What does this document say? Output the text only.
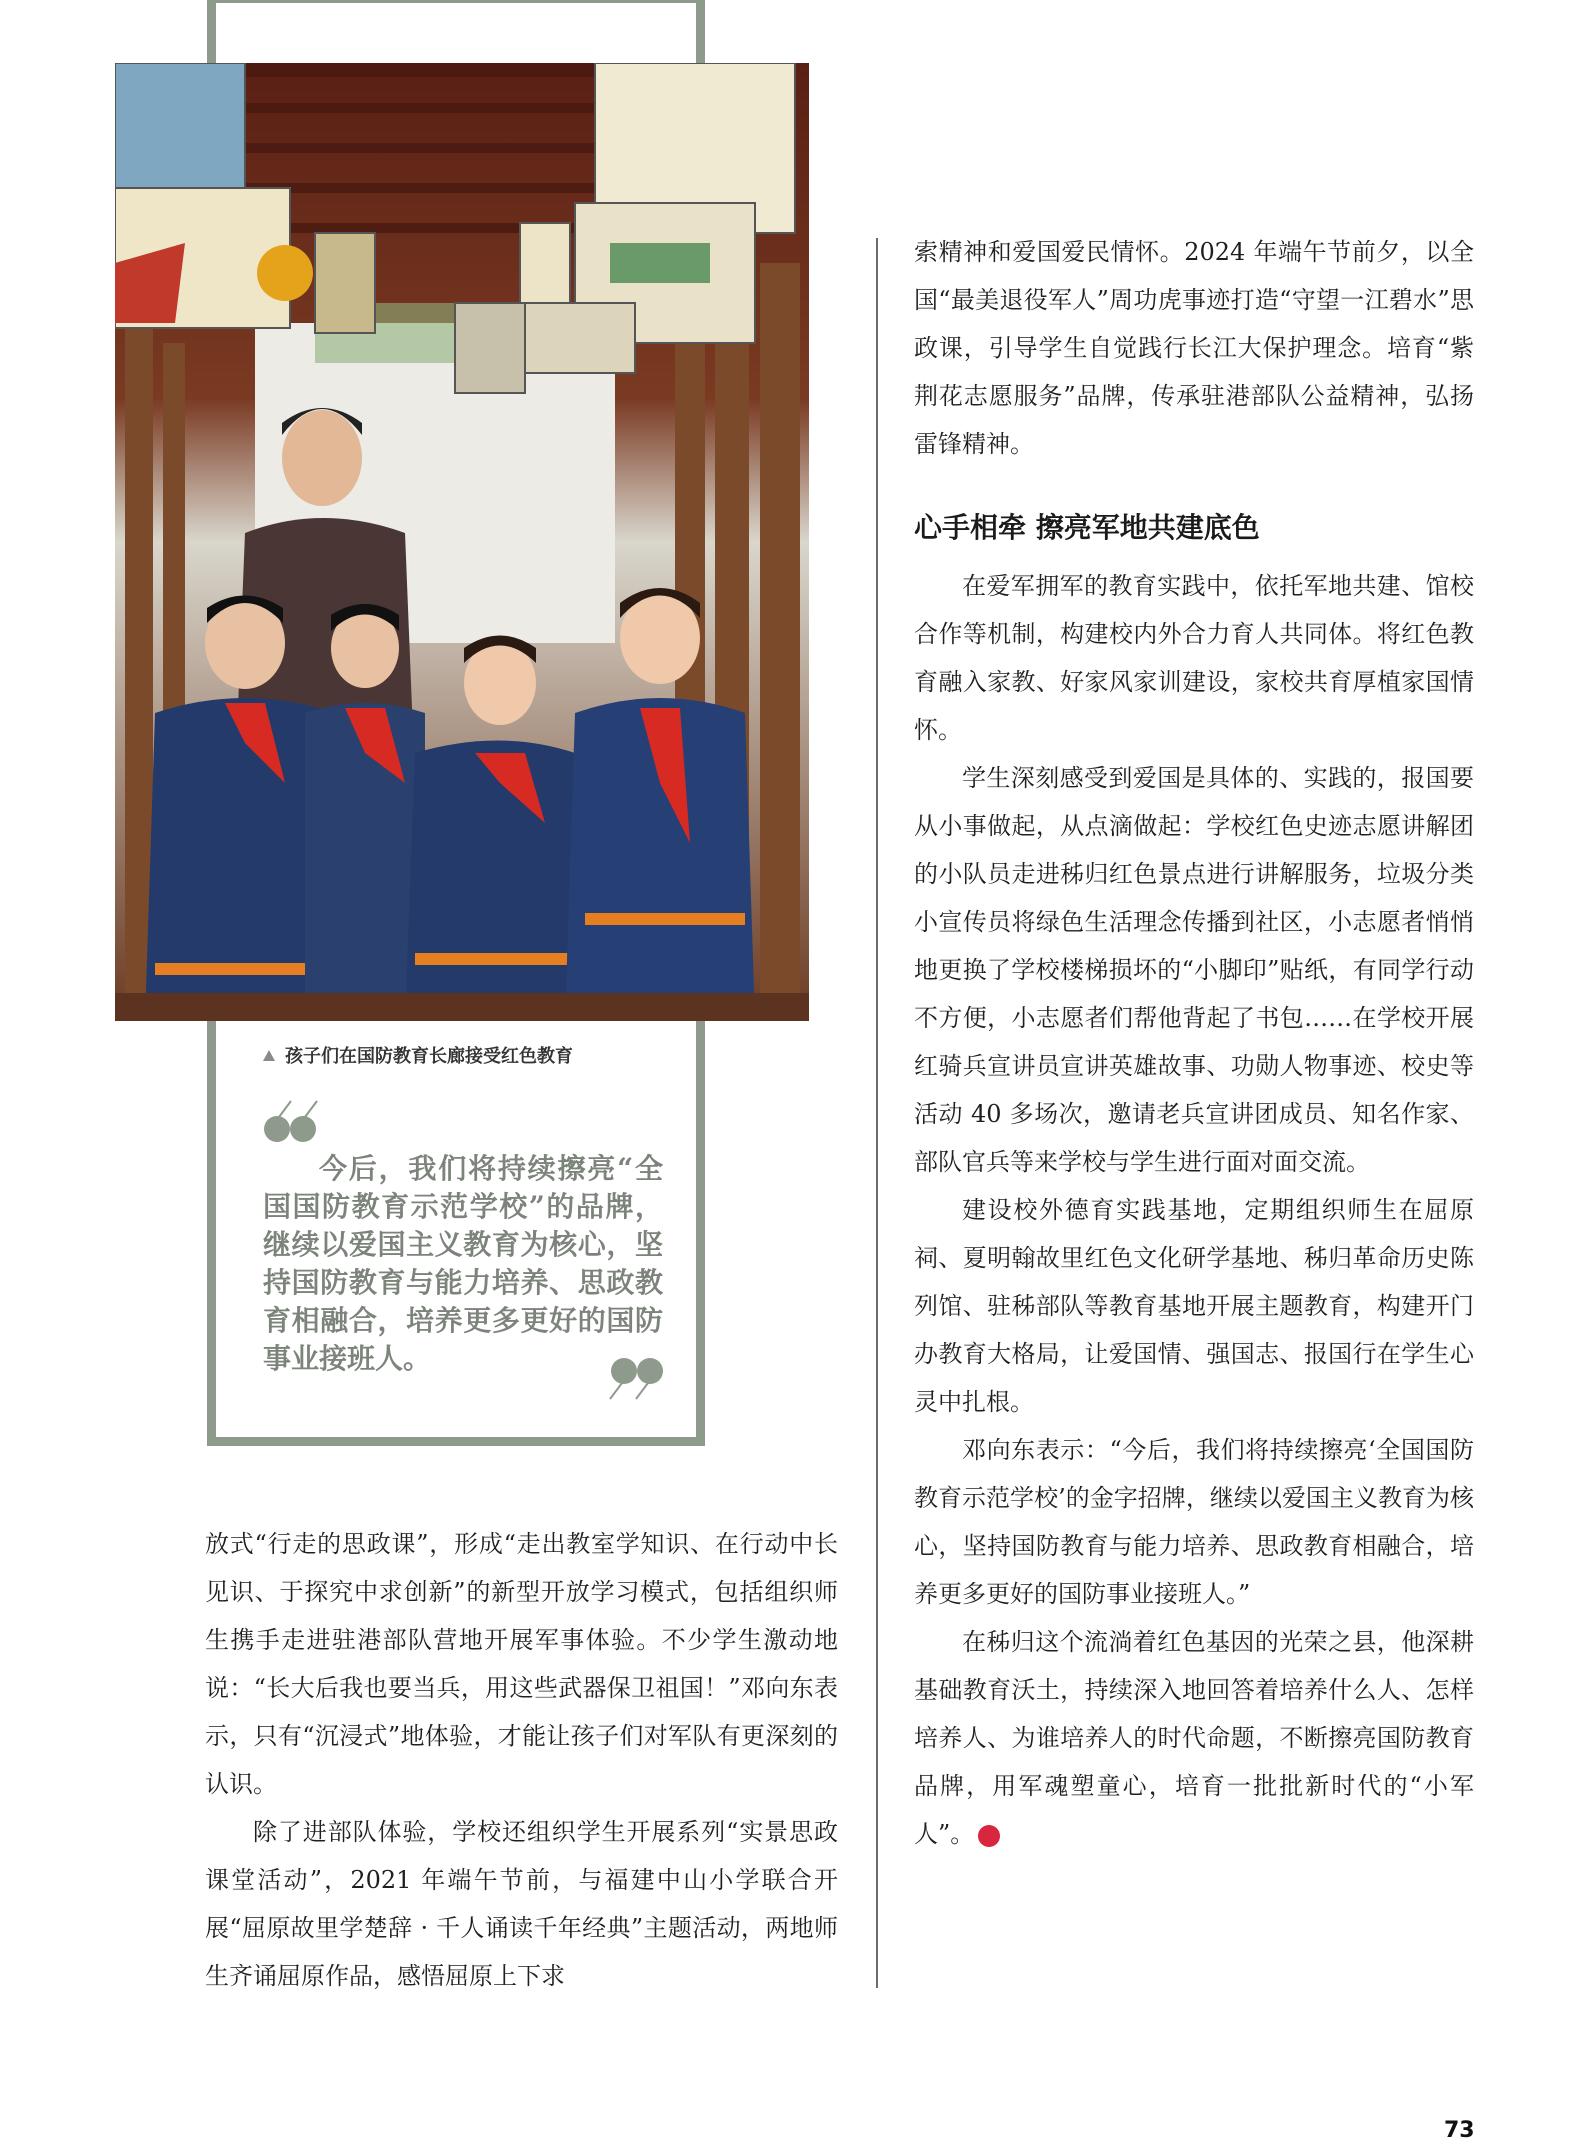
孩子们在国防教育长廊接受红色教育
今后，我们将持续擦亮“全国国防教育示范学校”的品牌，继续以爱国主义教育为核心，坚持国防教育与能力培养、思政教育相融合，培养更多更好的国防事业接班人。

放式“行走的思政课”，形成“走出教室学知识、在行动中长见识、于探究中求创新”的新型开放学习模式，包括组织师生携手走进驻港部队营地开展军事体验。不少学生激动地说：“长大后我也要当兵，用这些武器保卫祖国！”邓向东表示，只有“沉浸式”地体验，才能让孩子们对军队有更深刻的认识。

除了进部队体验，学校还组织学生开展系列“实景思政课堂活动”，2021 年端午节前，与福建中山小学联合开展“屈原故里学楚辞 · 千人诵读千年经典”主题活动，两地师生齐诵屈原作品，感悟屈原上下求

索精神和爱国爱民情怀。2024 年端午节前夕，以全国“最美退役军人”周功虎事迹打造“守望一江碧水”思政课，引导学生自觉践行长江大保护理念。培育“紫荆花志愿服务”品牌，传承驻港部队公益精神，弘扬雷锋精神。

心手相牵 擦亮军地共建底色

在爱军拥军的教育实践中，依托军地共建、馆校合作等机制，构建校内外合力育人共同体。将红色教育融入家教、好家风家训建设，家校共育厚植家国情怀。

学生深刻感受到爱国是具体的、实践的，报国要从小事做起，从点滴做起：学校红色史迹志愿讲解团的小队员走进秭归红色景点进行讲解服务，垃圾分类小宣传员将绿色生活理念传播到社区，小志愿者悄悄地更换了学校楼梯损坏的“小脚印”贴纸，有同学行动不方便，小志愿者们帮他背起了书包……在学校开展红骑兵宣讲员宣讲英雄故事、功勋人物事迹、校史等活动 40 多场次，邀请老兵宣讲团成员、知名作家、部队官兵等来学校与学生进行面对面交流。

建设校外德育实践基地，定期组织师生在屈原祠、夏明翰故里红色文化研学基地、秭归革命历史陈列馆、驻秭部队等教育基地开展主题教育，构建开门办教育大格局，让爱国情、强国志、报国行在学生心灵中扎根。

邓向东表示：“今后，我们将持续擦亮‘全国国防教育示范学校’的金字招牌，继续以爱国主义教育为核心，坚持国防教育与能力培养、思政教育相融合，培养更多更好的国防事业接班人。”

在秭归这个流淌着红色基因的光荣之县，他深耕基础教育沃土，持续深入地回答着培养什么人、怎样培养人、为谁培养人的时代命题，不断擦亮国防教育品牌，用军魂塑童心，培育一批批新时代的“小军人”。	N

73
